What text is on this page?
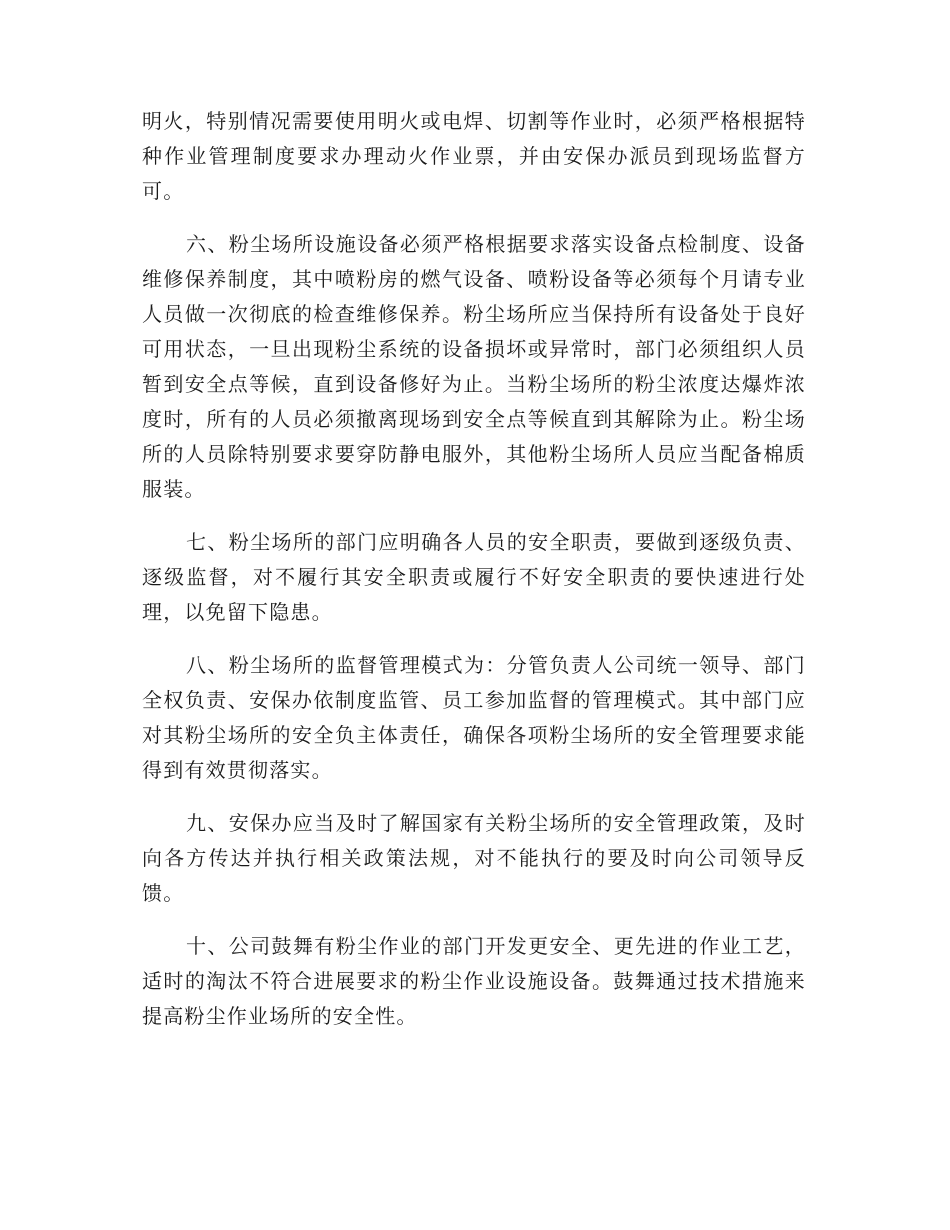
明火，特别情况需要使用明火或电焊、切割等作业时，必须严格根据特种作业管理制度要求办理动火作业票，并由安保办派员到现场监督方可。

六、粉尘场所设施设备必须严格根据要求落实设备点检制度、设备维修保养制度，其中喷粉房的燃气设备、喷粉设备等必须每个月请专业人员做一次彻底的检查维修保养。粉尘场所应当保持所有设备处于良好可用状态，一旦出现粉尘系统的设备损坏或异常时，部门必须组织人员暂到安全点等候，直到设备修好为止。当粉尘场所的粉尘浓度达爆炸浓度时，所有的人员必须撤离现场到安全点等候直到其解除为止。粉尘场所的人员除特别要求要穿防静电服外，其他粉尘场所人员应当配备棉质服装。

七、粉尘场所的部门应明确各人员的安全职责，要做到逐级负责、逐级监督，对不履行其安全职责或履行不好安全职责的要快速进行处理，以免留下隐患。

八、粉尘场所的监督管理模式为：分管负责人公司统一领导、部门全权负责、安保办依制度监管、员工参加监督的管理模式。其中部门应对其粉尘场所的安全负主体责任，确保各项粉尘场所的安全管理要求能得到有效贯彻落实。

九、安保办应当及时了解国家有关粉尘场所的安全管理政策，及时向各方传达并执行相关政策法规，对不能执行的要及时向公司领导反馈。

十、公司鼓舞有粉尘作业的部门开发更安全、更先进的作业工艺，适时的淘汰不符合进展要求的粉尘作业设施设备。鼓舞通过技术措施来提高粉尘作业场所的安全性。
